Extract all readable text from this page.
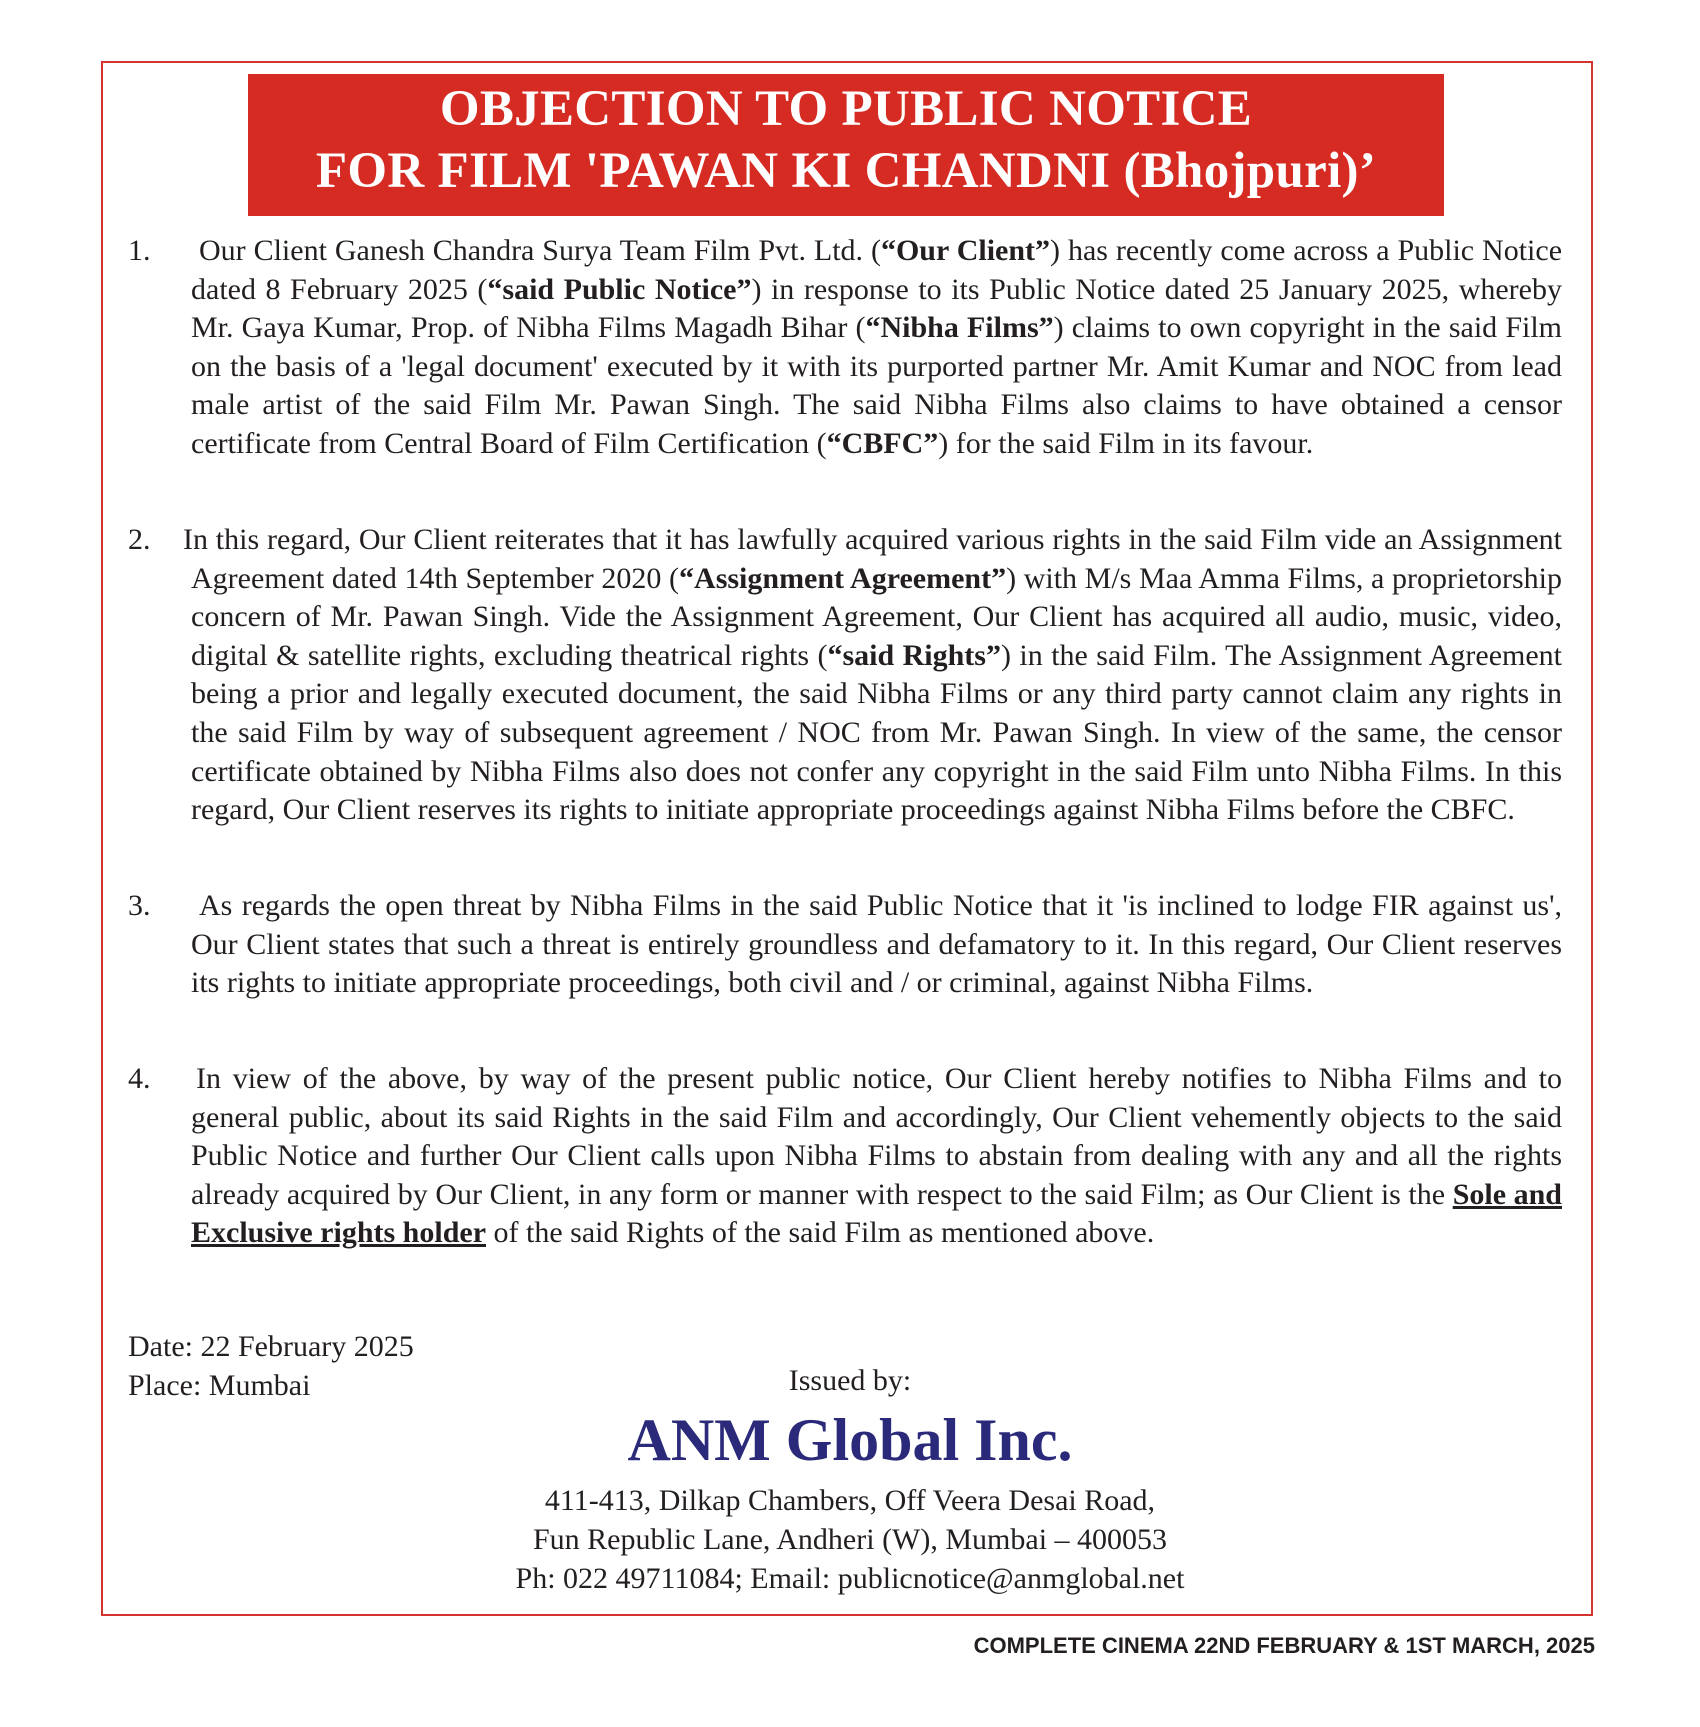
OBJECTION TO PUBLIC NOTICE
FOR FILM 'PAWAN KI CHANDNI (Bhojpuri)’
1. Our Client Ganesh Chandra Surya Team Film Pvt. Ltd. (“Our Client”) has recently come across a Public Notice dated 8 February 2025 (“said Public Notice”) in response to its Public Notice dated 25 January 2025, whereby Mr. Gaya Kumar, Prop. of Nibha Films Magadh Bihar (“Nibha Films”) claims to own copyright in the said Film on the basis of a 'legal document' executed by it with its purported partner Mr. Amit Kumar and NOC from lead male artist of the said Film Mr. Pawan Singh. The said Nibha Films also claims to have obtained a censor certificate from Central Board of Film Certification (“CBFC”) for the said Film in its favour.
2. In this regard, Our Client reiterates that it has lawfully acquired various rights in the said Film vide an Assignment Agreement dated 14th September 2020 (“Assignment Agreement”) with M/s Maa Amma Films, a proprietorship concern of Mr. Pawan Singh. Vide the Assignment Agreement, Our Client has acquired all audio, music, video, digital & satellite rights, excluding theatrical rights (“said Rights”) in the said Film. The Assignment Agreement being a prior and legally executed document, the said Nibha Films or any third party cannot claim any rights in the said Film by way of subsequent agreement / NOC from Mr. Pawan Singh. In view of the same, the censor certificate obtained by Nibha Films also does not confer any copyright in the said Film unto Nibha Films. In this regard, Our Client reserves its rights to initiate appropriate proceedings against Nibha Films before the CBFC.
3. As regards the open threat by Nibha Films in the said Public Notice that it 'is inclined to lodge FIR against us', Our Client states that such a threat is entirely groundless and defamatory to it. In this regard, Our Client reserves its rights to initiate appropriate proceedings, both civil and / or criminal, against Nibha Films.
4. In view of the above, by way of the present public notice, Our Client hereby notifies to Nibha Films and to general public, about its said Rights in the said Film and accordingly, Our Client vehemently objects to the said Public Notice and further Our Client calls upon Nibha Films to abstain from dealing with any and all the rights already acquired by Our Client, in any form or manner with respect to the said Film; as Our Client is the Sole and Exclusive rights holder of the said Rights of the said Film as mentioned above.
Date: 22 February 2025
Place: Mumbai	Issued by:
ANM Global Inc.
411-413, Dilkap Chambers, Off Veera Desai Road,
Fun Republic Lane, Andheri (W), Mumbai – 400053
Ph: 022 49711084; Email: publicnotice@anmglobal.net
COMPLETE CINEMA 22ND FEBRUARY & 1ST MARCH, 2025
